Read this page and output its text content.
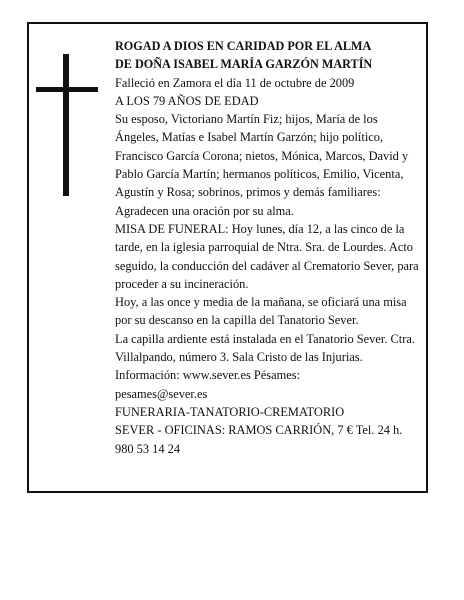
ROGAD A DIOS EN CARIDAD POR EL ALMA

DE DOÑA ISABEL MARÍA GARZÓN MARTÍN

Falleció en Zamora el día 11 de octubre de 2009

A LOS 79 AÑOS DE EDAD

Su esposo, Victoriano Martín Fiz; hijos, María de los Ángeles, Matías e Isabel Martín Garzón; hijo político, Francisco García Corona; nietos, Mónica, Marcos, David y Pablo García Martín; hermanos políticos, Emilio, Vicenta, Agustín y Rosa; sobrinos, primos y demás familiares:

Agradecen una oración por su alma.

MISA DE FUNERAL: Hoy lunes, día 12, a las cinco de la tarde, en la iglesia parroquial de Ntra. Sra. de Lourdes. Acto seguido, la conducción del cadáver al Crematorio Sever, para proceder a su incineración.

Hoy, a las once y media de la mañana, se oficiará una misa por su descanso en la capilla del Tanatorio Sever.

La capilla ardiente está instalada en el Tanatorio Sever. Ctra. Villalpando, número 3. Sala Cristo de las Injurias.

Información: www.sever.es Pésames:

pesames@sever.es

FUNERARIA-TANATORIO-CREMATORIO

SEVER - OFICINAS: RAMOS CARRIÓN, 7 € Tel. 24 h. 980 53 14 24
